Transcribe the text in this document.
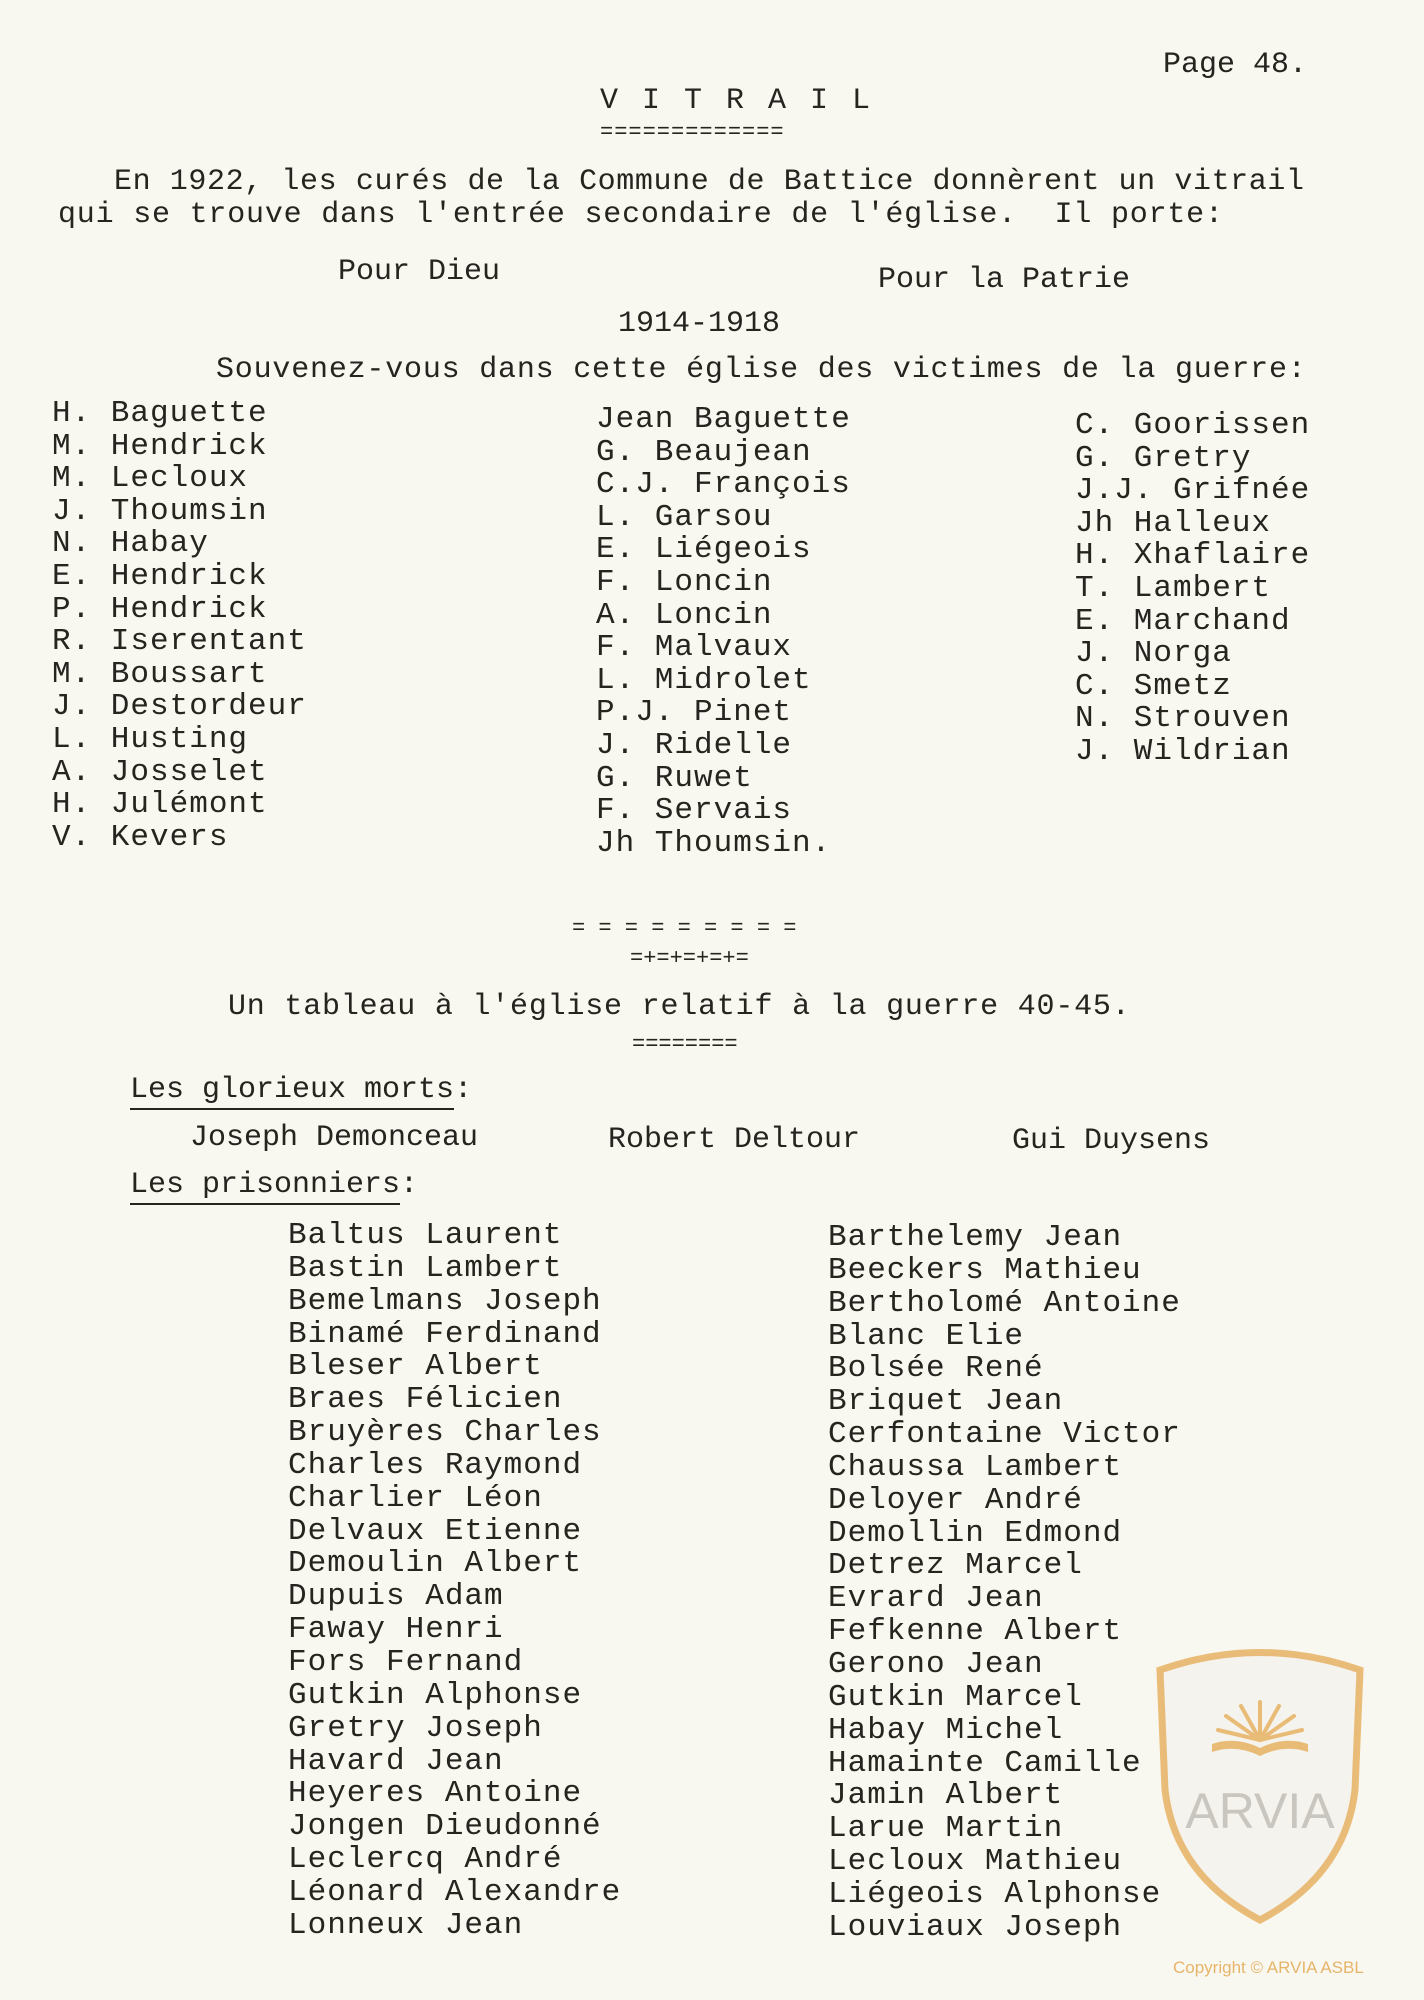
Page 48.
V I T R A I L
=============
En 1922, les curés de la Commune de Battice donnèrent un vitrail
qui se trouve dans l'entrée secondaire de l'église.  Il porte:
Pour Dieu	Pour la Patrie
1914-1918
Souvenez-vous dans cette église des victimes de la guerre:
H. Baguette
M. Hendrick
M. Lecloux
J. Thoumsin
N. Habay
E. Hendrick
P. Hendrick
R. Iserentant
M. Boussart
J. Destordeur
L. Husting
A. Josselet
H. Julémont
V. Kevers
Jean Baguette
G. Beaujean
C.J. François
L. Garsou
E. Liégeois
F. Loncin
A. Loncin
F. Malvaux
L. Midrolet
P.J. Pinet
J. Ridelle
G. Ruwet
F. Servais
Jh Thoumsin.
C. Goorissen
G. Gretry
J.J. Grifnée
Jh Halleux
H. Xhaflaire
T. Lambert
E. Marchand
J. Norga
C. Smetz
N. Strouven
J. Wildrian
= = = = = = = = =
=+=+=+=+=
Un tableau à l'église relatif à la guerre 40-45.
========
Les glorieux morts:
Joseph Demonceau	Robert Deltour	Gui Duysens
Les prisonniers:
Baltus Laurent
Bastin Lambert
Bemelmans Joseph
Binamé Ferdinand
Bleser Albert
Braes Félicien
Bruyères Charles
Charles Raymond
Charlier Léon
Delvaux Etienne
Demoulin Albert
Dupuis Adam
Faway Henri
Fors Fernand
Gutkin Alphonse
Gretry Joseph
Havard Jean
Heyeres Antoine
Jongen Dieudonné
Leclercq André
Léonard Alexandre
Lonneux Jean
Barthelemy Jean
Beeckers Mathieu
Bertholomé Antoine
Blanc Elie
Bolsée René
Briquet Jean
Cerfontaine Victor
Chaussa Lambert
Deloyer André
Demollin Edmond
Detrez Marcel
Evrard Jean
Fefkenne Albert
Gerono Jean
Gutkin Marcel
Habay Michel
Hamainte Camille
Jamin Albert
Larue Martin
Lecloux Mathieu
Liégeois Alphonse
Louviaux Joseph
ARVIA
Copyright © ARVIA ASBL
